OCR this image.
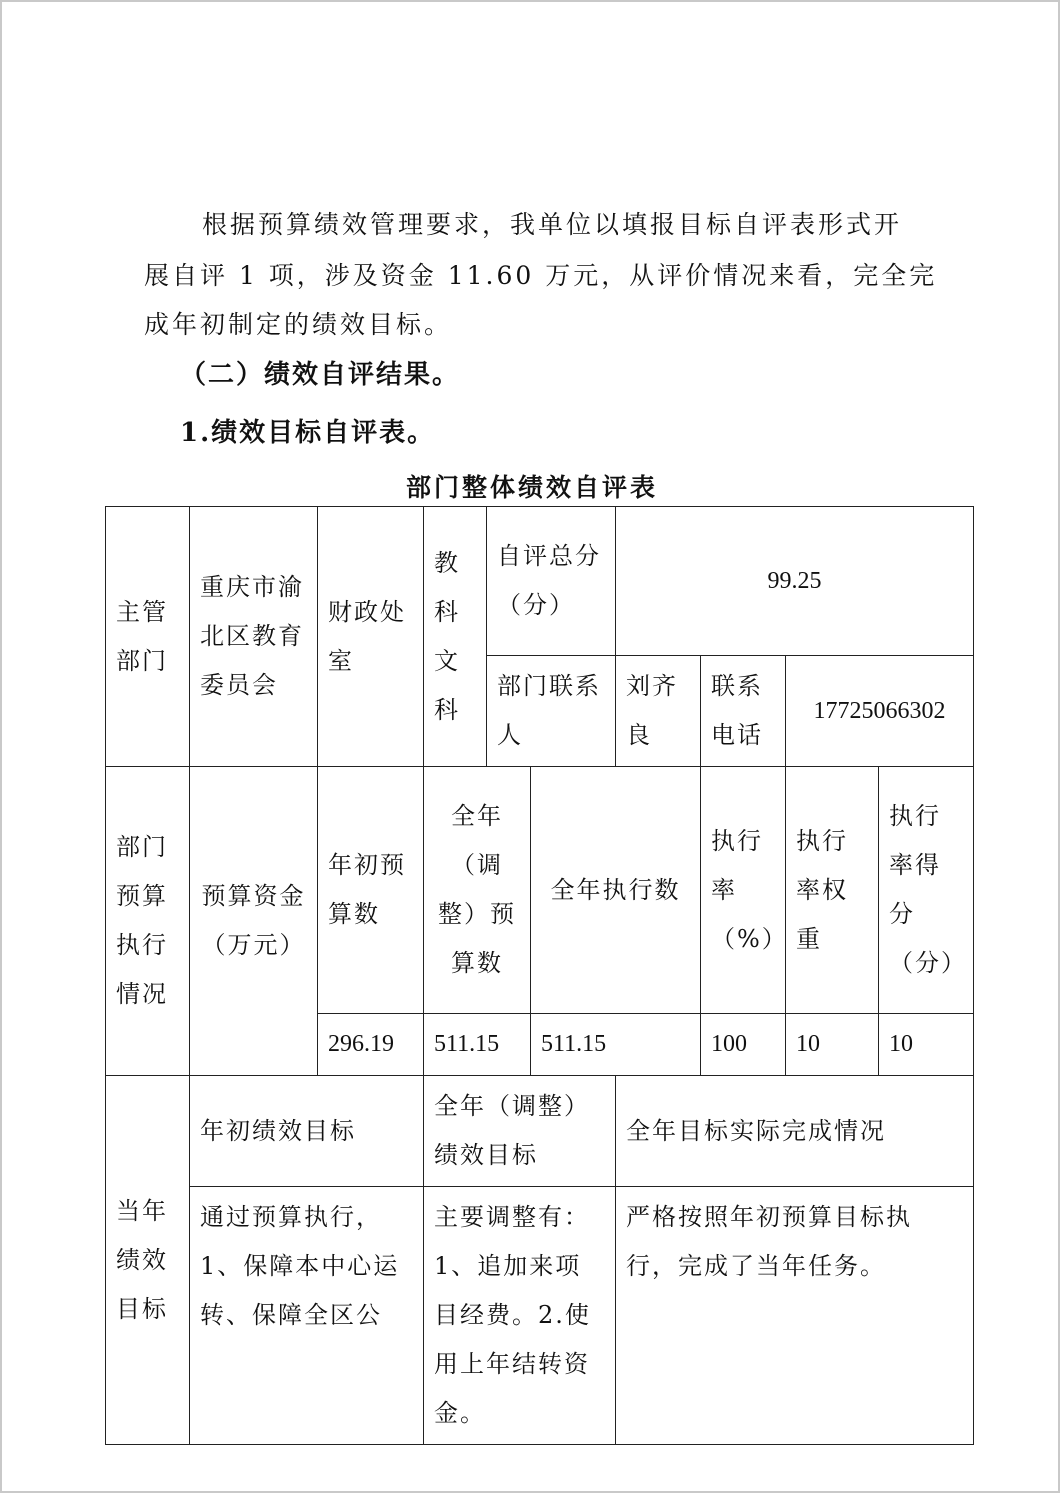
根据预算绩效管理要求，我单位以填报目标自评表形式开
展自评 1 项，涉及资金 11.60 万元，从评价情况来看，完全完
成年初制定的绩效目标。
（二）绩效自评结果。
1.绩效目标自评表。
部门整体绩效自评表
主管部门	重庆市渝北区教育委员会	财政处室	教科文科	自评总分（分）		99.25			
				部门联系人		刘齐良	联系电话	17725066302	
部门预算执行情况	预算资金（万元）	年初预算数	全年（调整）预算数		全年执行数		执行率（%）	执行率权重	执行率得分（分）
		296.19	511.15		511.15		100	10	10
当年绩效目标	年初绩效目标		全年（调整）绩效目标			全年目标实际完成情况			
	通过预算执行，1、保障本中心运转、保障全区公		主要调整有：1、追加来项目经费。2.使用上年结转资金。			严格按照年初预算目标执行，完成了当年任务。			
